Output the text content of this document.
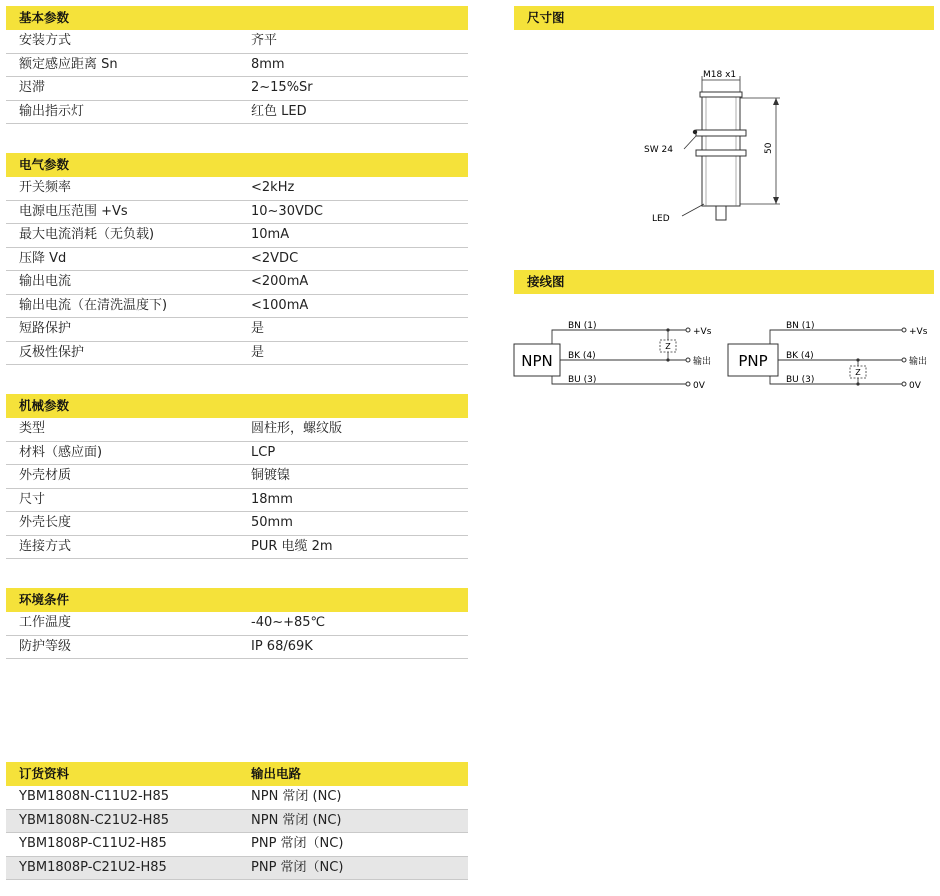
基本参数
安装方式	齐平
额定感应距离 Sn	8mm
迟滞	2~15%Sr
输出指示灯	红色 LED
电气参数
开关频率	<2kHz
电源电压范围 +Vs	10~30VDC
最大电流消耗（无负载)	10mA
压降 Vd	<2VDC
输出电流	<200mA
输出电流（在清洗温度下)	<100mA
短路保护	是
反极性保护	是
机械参数
类型	圆柱形，螺纹版
材料（感应面)	LCP
外壳材质	铜镀镍
尺寸	18mm
外壳长度	50mm
连接方式	PUR 电缆 2m
环境条件
工作温度	-40~+85℃
防护等级	IP 68/69K
订货资料	输出电路
YBM1808N-C11U2-H85	NPN 常闭 (NC)
YBM1808N-C21U2-H85	NPN 常闭 (NC)
YBM1808P-C11U2-H85	PNP 常闭（NC)
YBM1808P-C21U2-H85	PNP 常闭（NC)
尺寸图
M18 x1
SW 24
LED
50
接线图
NPN
BN (1)
+Vs
BK (4)
输出
Z
BU (3)
0V
PNP
BN (1)
+Vs
BK (4)
输出
Z
BU (3)
0V
